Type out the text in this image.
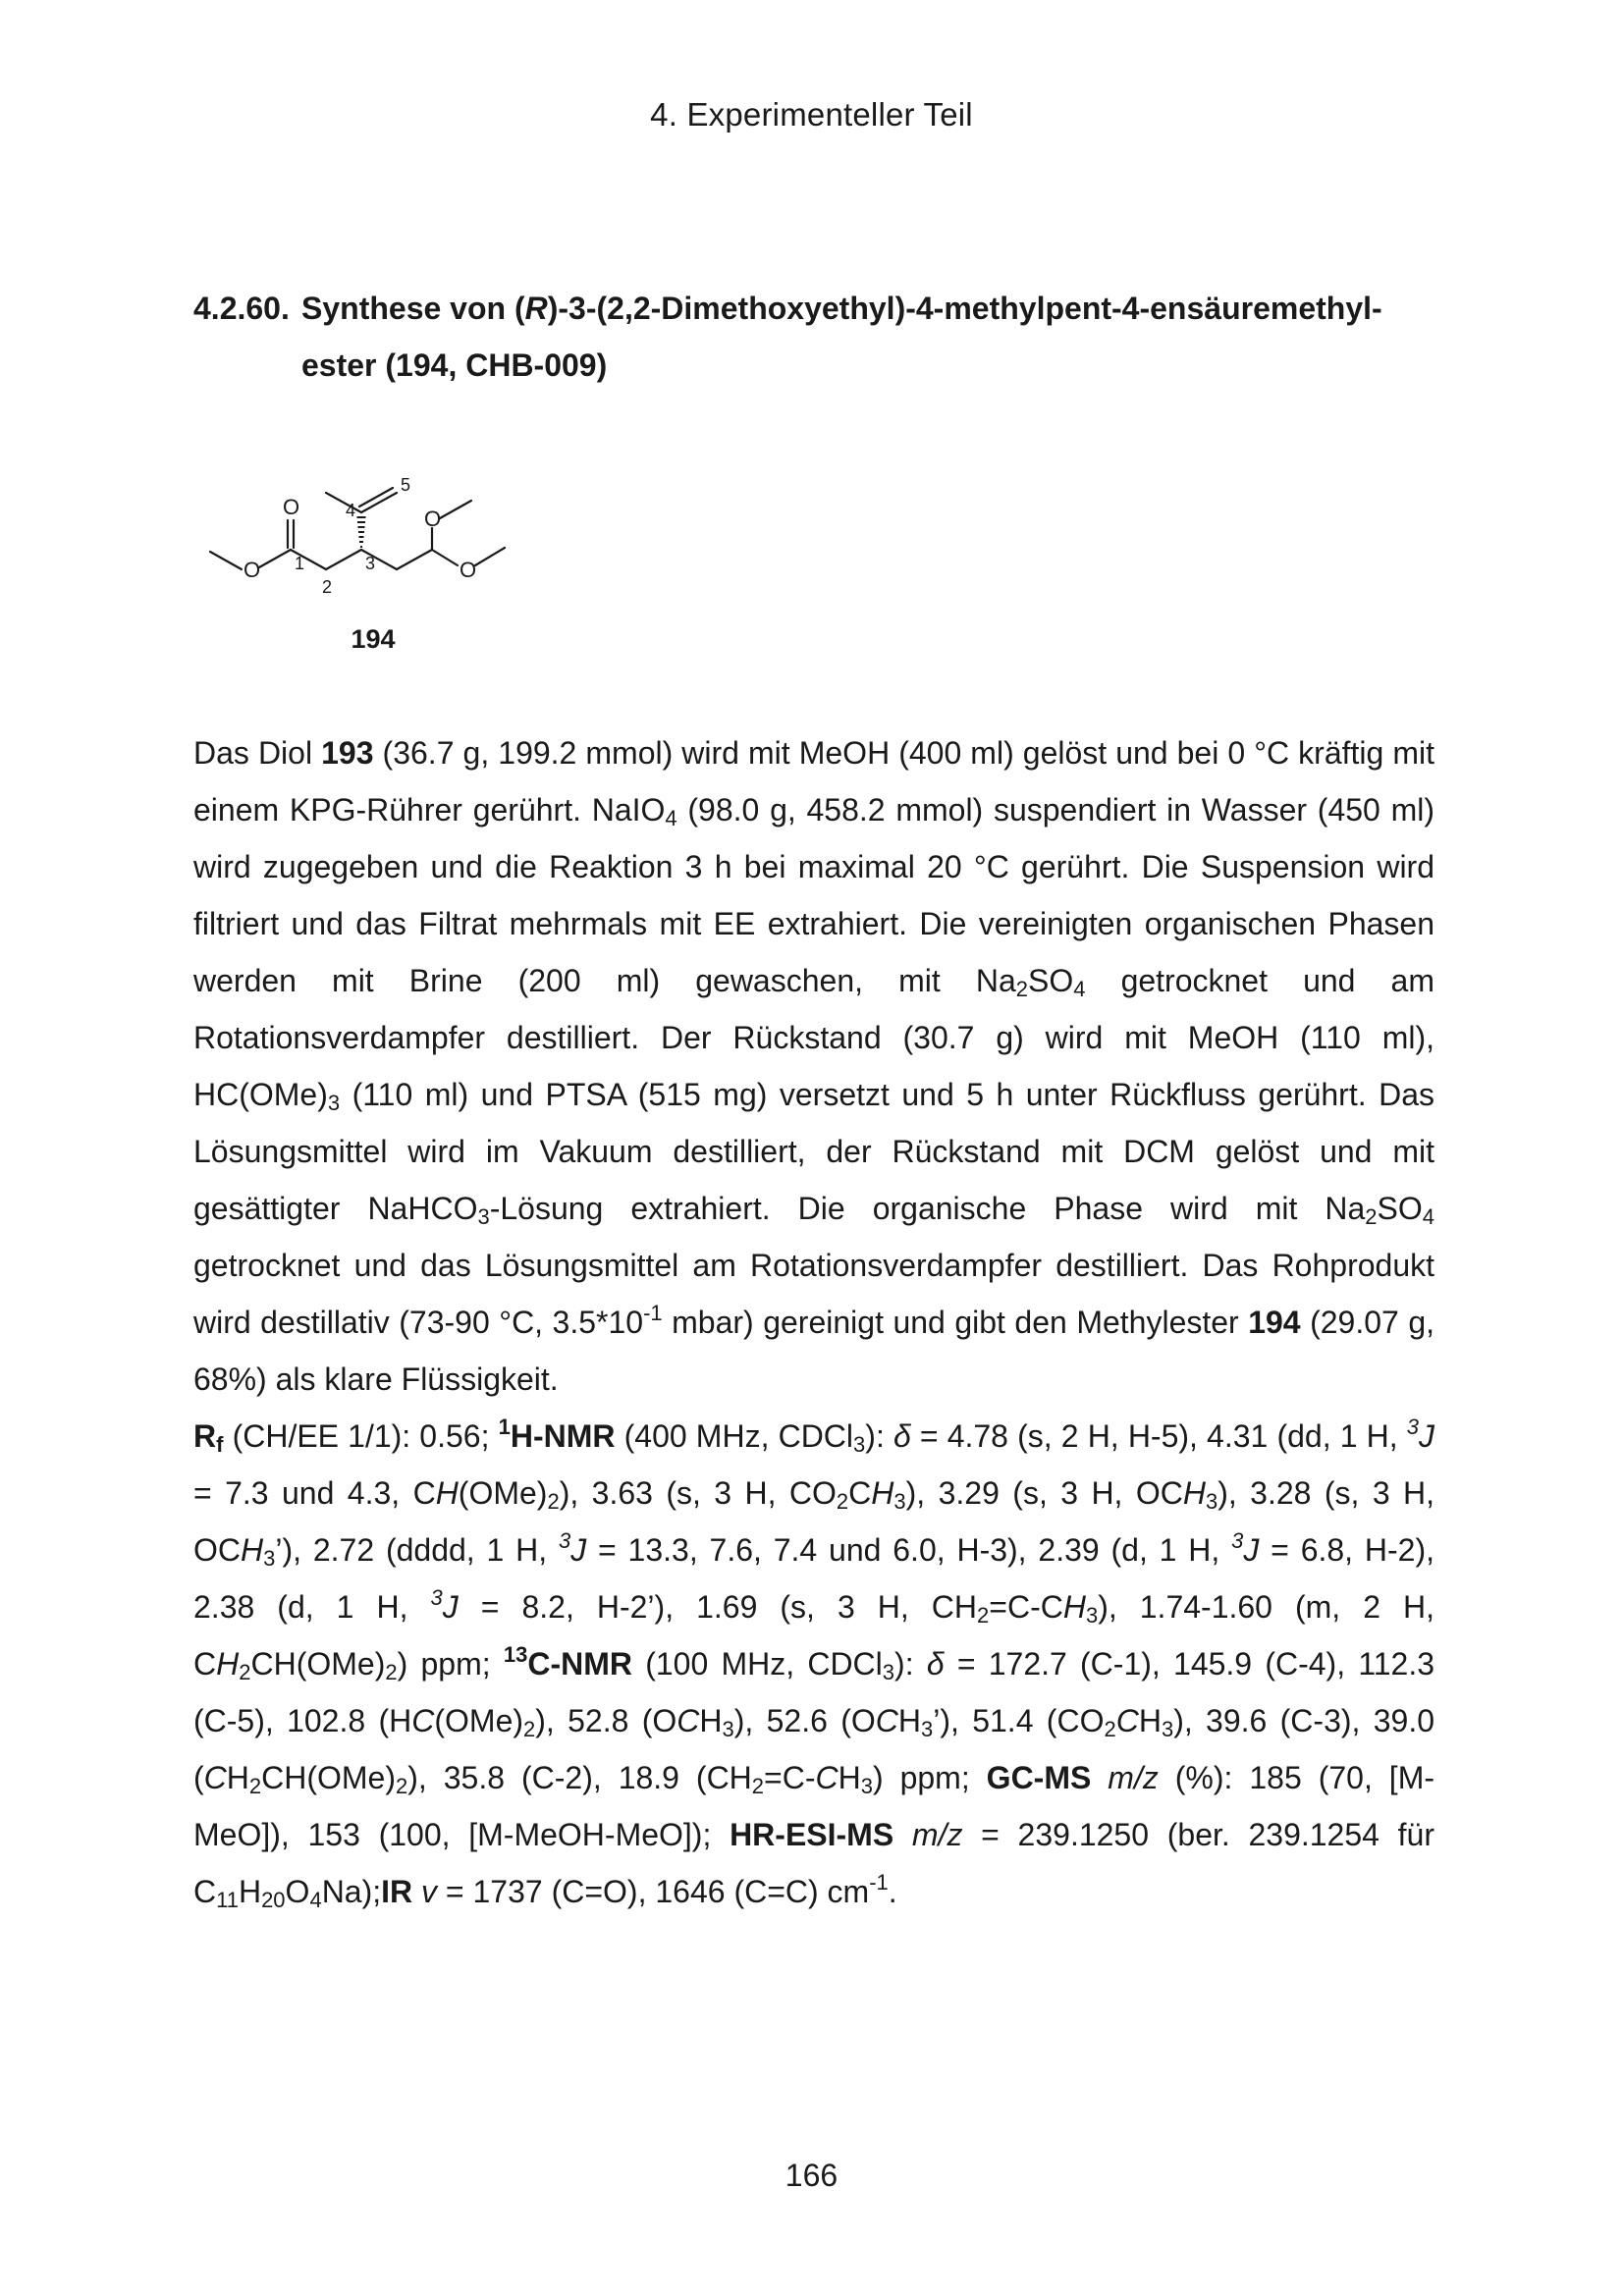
4. Experimenteller Teil
4.2.60. Synthese von (R)-3-(2,2-Dimethoxyethyl)-4-methylpent-4-ensäuremethyl-
ester (194, CHB-009)
O
O
O
O
1
2
3
4
5
194

Das Diol 193 (36.7 g, 199.2 mmol) wird mit MeOH (400 ml) gelöst und bei 0 °C kräftig mit einem KPG-Rührer gerührt. NaIO$_4$ (98.0 g, 458.2 mmol) suspendiert in Wasser (450 ml) wird zugegeben und die Reaktion 3 h bei maximal 20 °C gerührt. Die Suspension wird filtriert und das Filtrat mehrmals mit EE extrahiert. Die vereinigten organischen Phasen werden mit Brine (200 ml) gewaschen, mit $Na_2SO_4$ getrocknet und am Rotationsverdampfer destilliert. Der Rückstand (30.7 g) wird mit MeOH (110 ml), $HC(OMe)_3$ (110 ml) und PTSA (515 mg) versetzt und 5 h unter Rückfluss gerührt. Das Lösungsmittel wird im Vakuum destilliert, der Rückstand mit DCM gelöst und mit gesättigter NaHCO$_3$-Lösung extrahiert. Die organische Phase wird mit $Na_2SO_4$ getrocknet und das Lösungsmittel am Rotationsverdampfer destilliert. Das Rohprodukt wird destillativ (73-90 °C, $3.5*10^{-1}$ mbar) gereinigt und gibt den Methylester 194 (29.07 g, 68%) als klare Flüssigkeit.

$R_f$ (CH/EE 1/1): 0.56; $^1$H-NMR (400 MHz, CDCl$_3$): δ = 4.78 (s, 2 H, H-5), 4.31 (dd, 1 H, $^3$J = 7.3 und 4.3, $CH(OMe)_2$), 3.63 (s, 3 H, $CO_2CH_3$), 3.29 (s, 3 H, $OCH_3$), 3.28 (s, 3 H, $OCH_3$’), 2.72 (dddd, 1 H, $^3$J = 13.3, 7.6, 7.4 und 6.0, H-3), 2.39 (d, 1 H, $^3$J = 6.8, H-2), 2.38 (d, 1 H, $^3$J = 8.2, H-2’), 1.69 (s, 3 H, $CH_2=C-CH_3$), 1.74-1.60 (m, 2 H, $CH_2CH(OMe)_2$) ppm; $^{13}$C-NMR (100 MHz, CDCl$_3$): δ = 172.7 (C-1), 145.9 (C-4), 112.3 (C-5), 102.8 $(HC(OMe)_2)$, 52.8 $(OCH_3)$, 52.6 $(OCH_3’)$, 51.4 $(CO_2CH_3)$, 39.6 (C-3), 39.0 $(CH_2CH(OMe)_2)$, 35.8 (C-2), 18.9 $(CH_2=C-CH_3)$ ppm; GC-MS m/z (%): 185 (70, [M-MeO]), 153 (100, [M-MeOH-MeO]); HR-ESI-MS m/z = 239.1250 (ber. 239.1254 für $C_{11}H_{20}O_4Na);IR$ v = 1737 (C=O), 1646 (C=C) $cm^{-1}$.

166
